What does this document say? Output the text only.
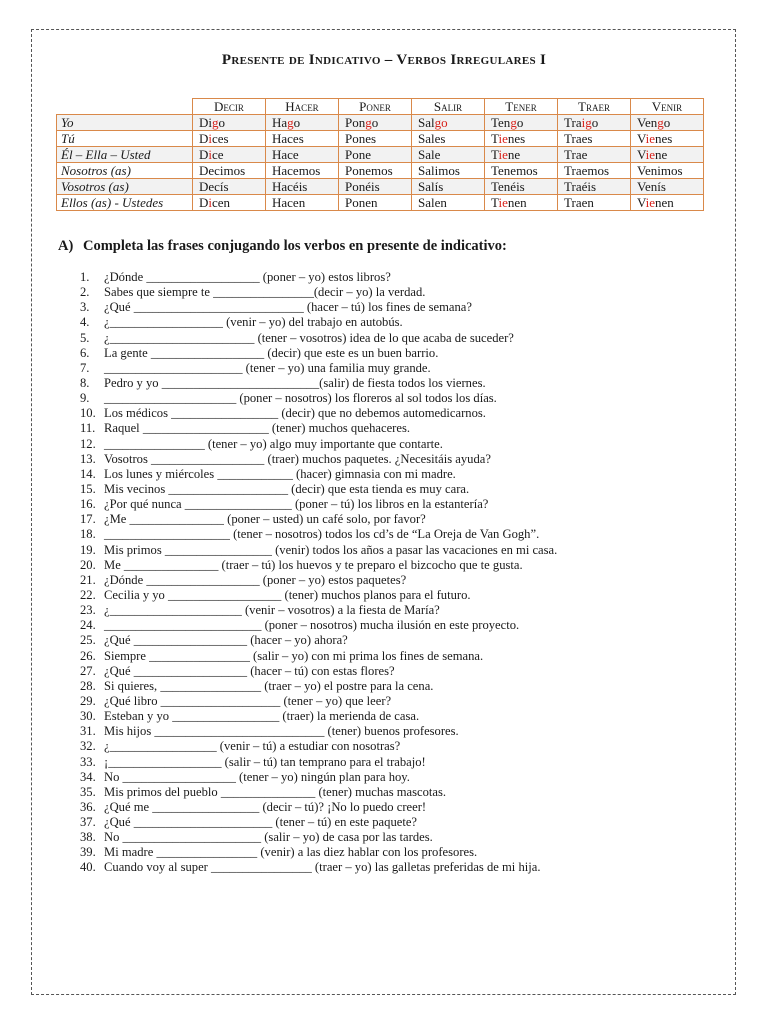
Presente de Indicativo – Verbos Irregulares I
	Decir	Hacer	Poner	Salir	Tener	Traer	Venir
Yo	Digo	Hago	Pongo	Salgo	Tengo	Traigo	Vengo
Tú	Dices	Haces	Pones	Sales	Tienes	Traes	Vienes
Él – Ella – Usted	Dice	Hace	Pone	Sale	Tiene	Trae	Viene
Nosotros (as)	Decimos	Hacemos	Ponemos	Salimos	Tenemos	Traemos	Venimos
Vosotros (as)	Decís	Hacéis	Ponéis	Salís	Tenéis	Traéis	Venís
Ellos (as) - Ustedes	Dicen	Hacen	Ponen	Salen	Tienen	Traen	Vienen
A) Completa las frases conjugando los verbos en presente de indicativo:
1. ¿Dónde __________________ (poner – yo) estos libros?
2. Sabes que siempre te ________________(decir – yo) la verdad.
3. ¿Qué ___________________________ (hacer – tú) los fines de semana?
4. ¿__________________ (venir – yo) del trabajo en autobús.
5. ¿_______________________ (tener – vosotros) idea de lo que acaba de suceder?
6. La gente __________________ (decir) que este es un buen barrio.
7. ______________________ (tener – yo) una familia muy grande.
8. Pedro y yo _________________________(salir) de fiesta todos los viernes.
9. _____________________ (poner – nosotros) los floreros al sol todos los días.
10. Los médicos _________________ (decir) que no debemos automedicarnos.
11. Raquel ____________________ (tener) muchos quehaceres.
12. ________________ (tener – yo) algo muy importante que contarte.
13. Vosotros __________________ (traer) muchos paquetes. ¿Necesitáis ayuda?
14. Los lunes y miércoles ____________ (hacer) gimnasia con mi madre.
15. Mis vecinos ___________________ (decir) que esta tienda es muy cara.
16. ¿Por qué nunca _________________ (poner – tú) los libros en la estantería?
17. ¿Me _______________ (poner – usted) un café solo, por favor?
18. ____________________ (tener – nosotros) todos los cd’s de “La Oreja de Van Gogh”.
19. Mis primos _________________ (venir) todos los años a pasar las vacaciones en mi casa.
20. Me _______________ (traer – tú) los huevos y te preparo el bizcocho que te gusta.
21. ¿Dónde __________________ (poner – yo) estos paquetes?
22. Cecilia y yo __________________ (tener) muchos planos para el futuro.
23. ¿_____________________ (venir – vosotros) a la fiesta de María?
24. _________________________ (poner – nosotros) mucha ilusión en este proyecto.
25. ¿Qué __________________ (hacer – yo) ahora?
26. Siempre ________________ (salir – yo) con mi prima los fines de semana.
27. ¿Qué __________________ (hacer – tú) con estas flores?
28. Si quieres, ________________ (traer – yo) el postre para la cena.
29. ¿Qué libro ___________________ (tener – yo) que leer?
30. Esteban y yo _________________ (traer) la merienda de casa.
31. Mis hijos ___________________________ (tener) buenos profesores.
32. ¿_________________ (venir – tú) a estudiar con nosotras?
33. ¡__________________ (salir – tú) tan temprano para el trabajo!
34. No __________________ (tener – yo) ningún plan para hoy.
35. Mis primos del pueblo _______________ (tener) muchas mascotas.
36. ¿Qué me _________________ (decir – tú)? ¡No lo puedo creer!
37. ¿Qué ______________________ (tener – tú) en este paquete?
38. No ______________________ (salir – yo) de casa por las tardes.
39. Mi madre ________________ (venir) a las diez hablar con los profesores.
40. Cuando voy al super ________________ (traer – yo) las galletas preferidas de mi hija.
